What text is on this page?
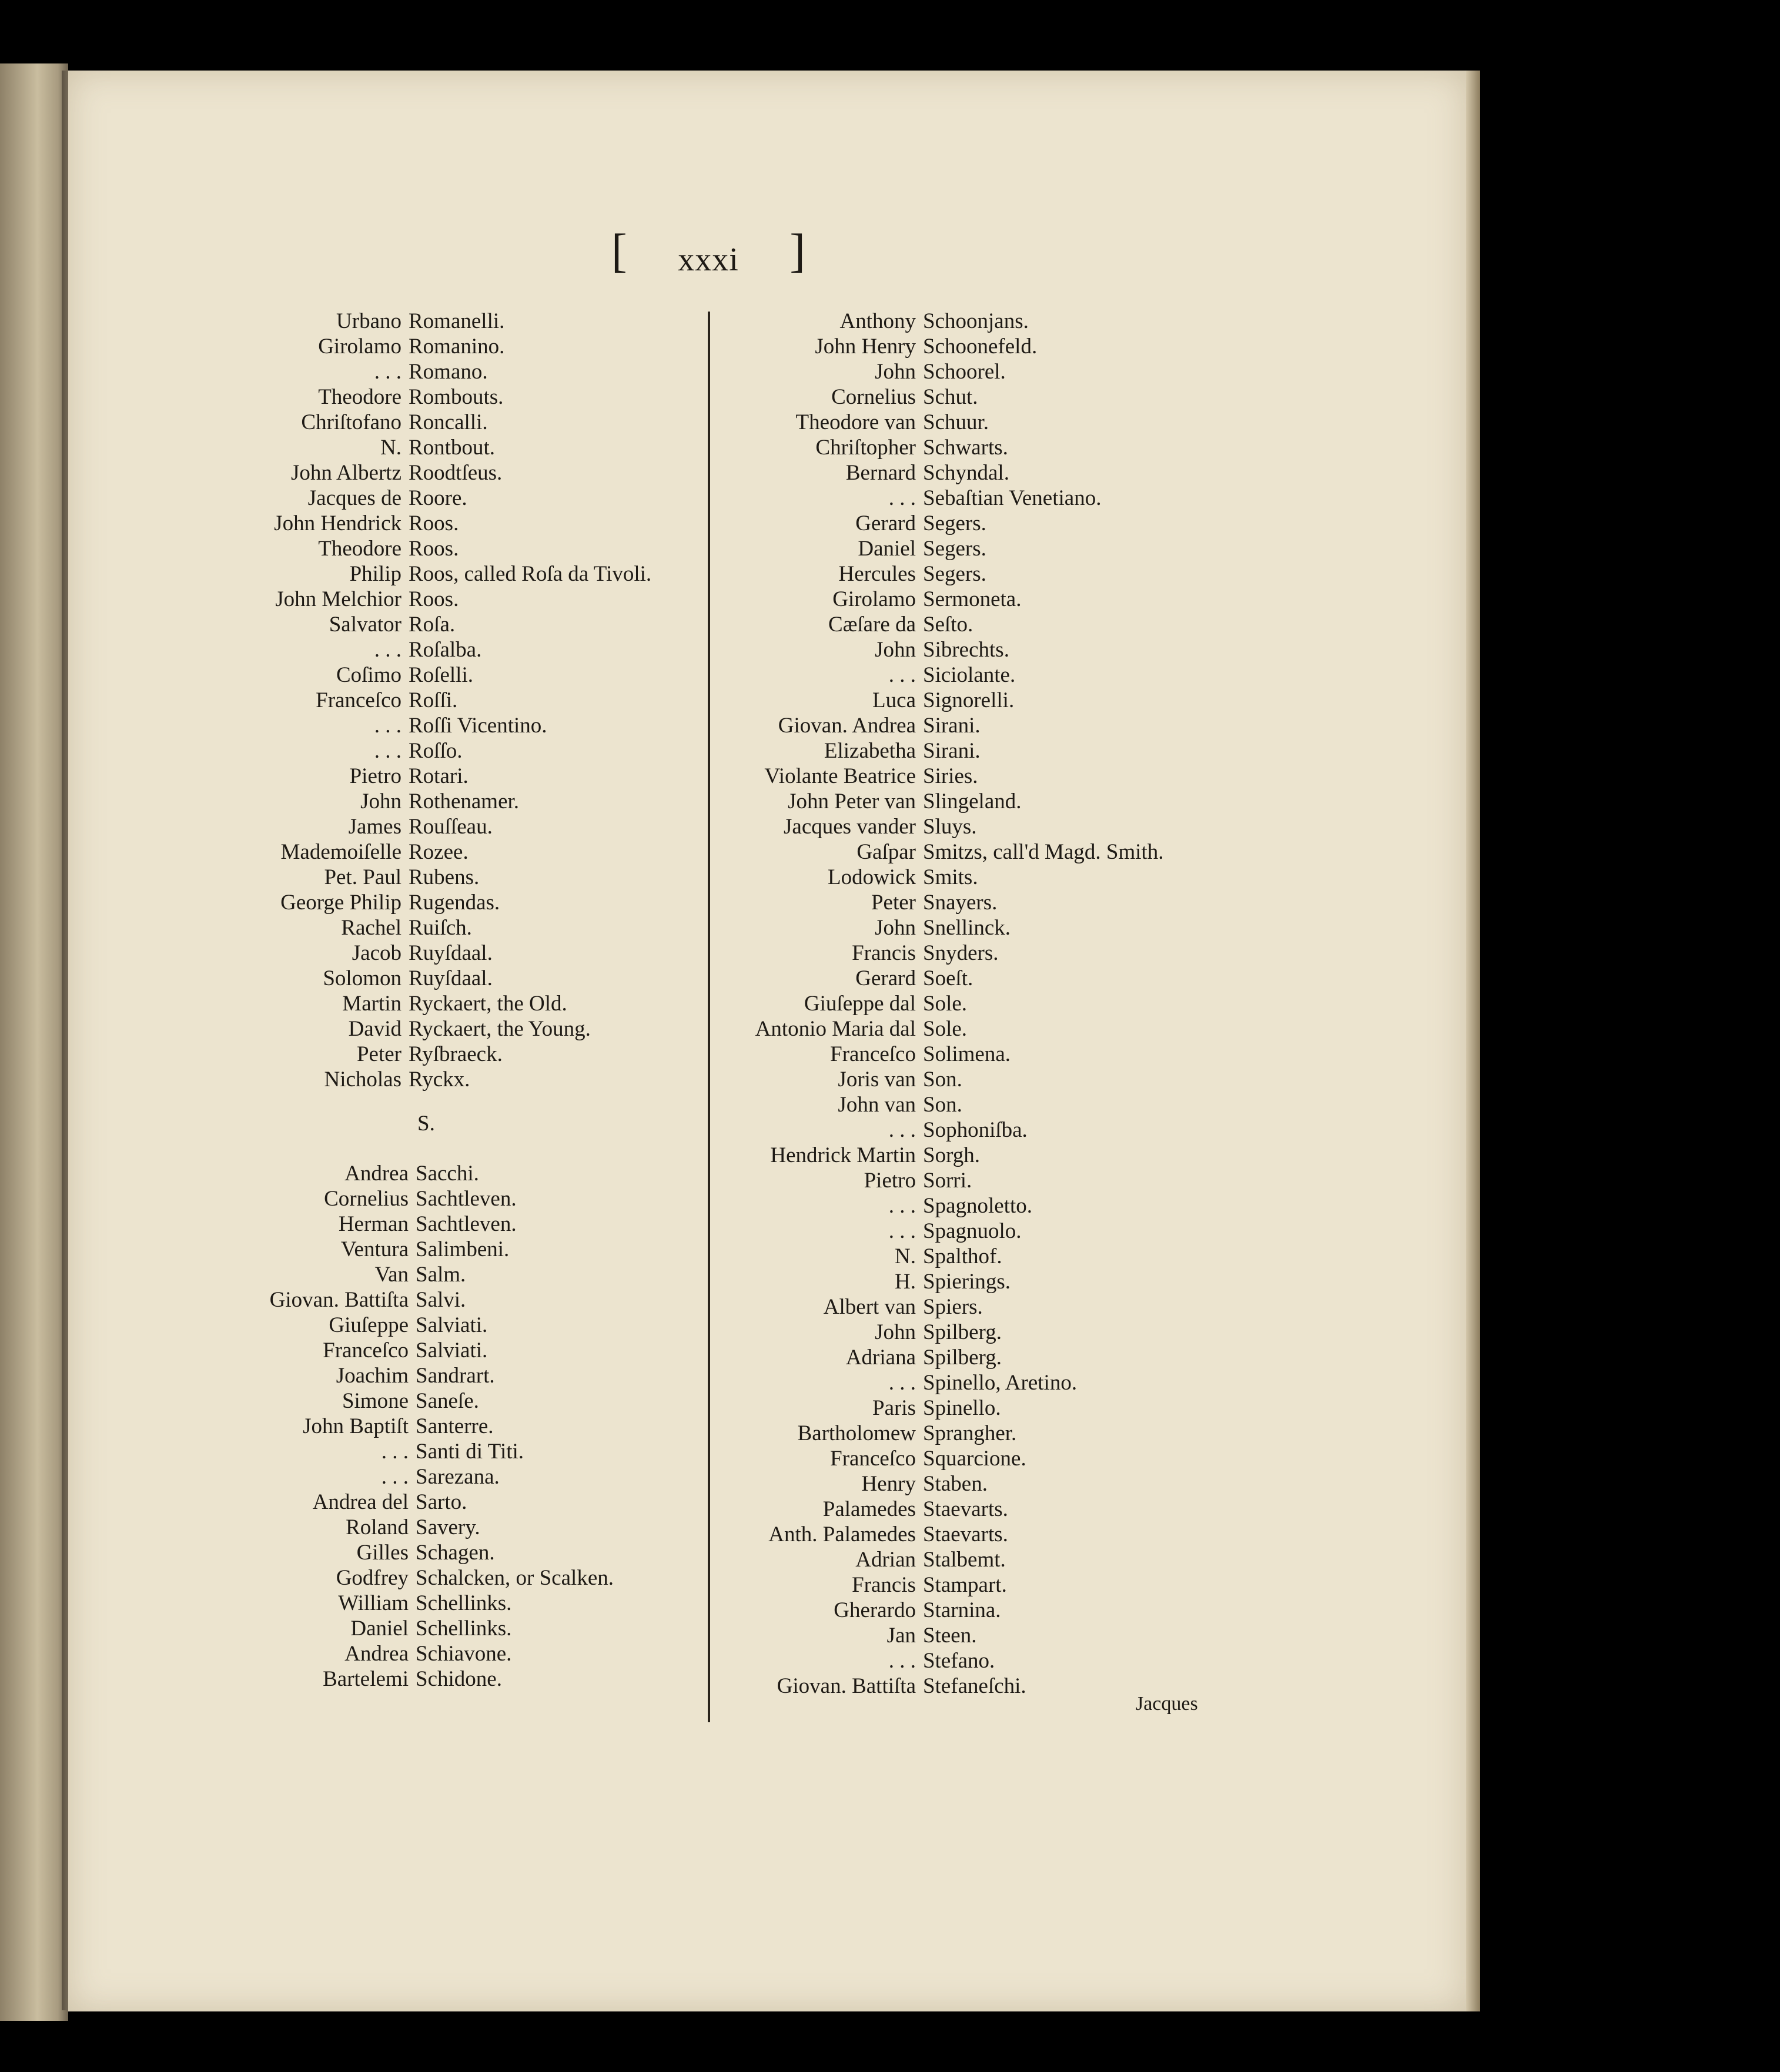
[ xxxi ]
Urbano Romanelli.
Girolamo Romanino.
. . . Romano.
Theodore Rombouts.
Chriſtofano Roncalli.
N. Rontbout.
John Albertz Roodtſeus.
Jacques de Roore.
John Hendrick Roos.
Theodore Roos.
Philip Roos, called Roſa da Tivoli.
John Melchior Roos.
Salvator Roſa.
. . . Roſalba.
Coſimo Roſelli.
Franceſco Roſſi.
. . . Roſſi Vicentino.
. . . Roſſo.
Pietro Rotari.
John Rothenamer.
James Rouſſeau.
Mademoiſelle Rozee.
Pet. Paul Rubens.
George Philip Rugendas.
Rachel Ruiſch.
Jacob Ruyſdaal.
Solomon Ruyſdaal.
Martin Ryckaert, the Old.
David Ryckaert, the Young.
Peter Ryſbraeck.
Nicholas Ryckx.
S.
Andrea Sacchi.
Cornelius Sachtleven.
Herman Sachtleven.
Ventura Salimbeni.
Van Salm.
Giovan. Battiſta Salvi.
Giuſeppe Salviati.
Franceſco Salviati.
Joachim Sandrart.
Simone Saneſe.
John Baptiſt Santerre.
. . . Santi di Titi.
. . . Sarezana.
Andrea del Sarto.
Roland Savery.
Gilles Schagen.
Godfrey Schalcken, or Scalken.
William Schellinks.
Daniel Schellinks.
Andrea Schiavone.
Bartelemi Schidone.
Anthony Schoonjans.
John Henry Schoonefeld.
John Schoorel.
Cornelius Schut.
Theodore van Schuur.
Chriſtopher Schwarts.
Bernard Schyndal.
. . . Sebaſtian Venetiano.
Gerard Segers.
Daniel Segers.
Hercules Segers.
Girolamo Sermoneta.
Cæſare da Seſto.
John Sibrechts.
. . . Siciolante.
Luca Signorelli.
Giovan. Andrea Sirani.
Elizabetha Sirani.
Violante Beatrice Siries.
John Peter van Slingeland.
Jacques vander Sluys.
Gaſpar Smitzs, call'd Magd. Smith.
Lodowick Smits.
Peter Snayers.
John Snellinck.
Francis Snyders.
Gerard Soeſt.
Giuſeppe dal Sole.
Antonio Maria dal Sole.
Franceſco Solimena.
Joris van Son.
John van Son.
. . . Sophoniſba.
Hendrick Martin Sorgh.
Pietro Sorri.
. . . Spagnoletto.
. . . Spagnuolo.
N. Spalthof.
H. Spierings.
Albert van Spiers.
John Spilberg.
Adriana Spilberg.
. . . Spinello, Aretino.
Paris Spinello.
Bartholomew Sprangher.
Franceſco Squarcione.
Henry Staben.
Palamedes Staevarts.
Anth. Palamedes Staevarts.
Adrian Stalbemt.
Francis Stampart.
Gherardo Starnina.
Jan Steen.
. . . Stefano.
Giovan. Battiſta Stefaneſchi.
Jacques
